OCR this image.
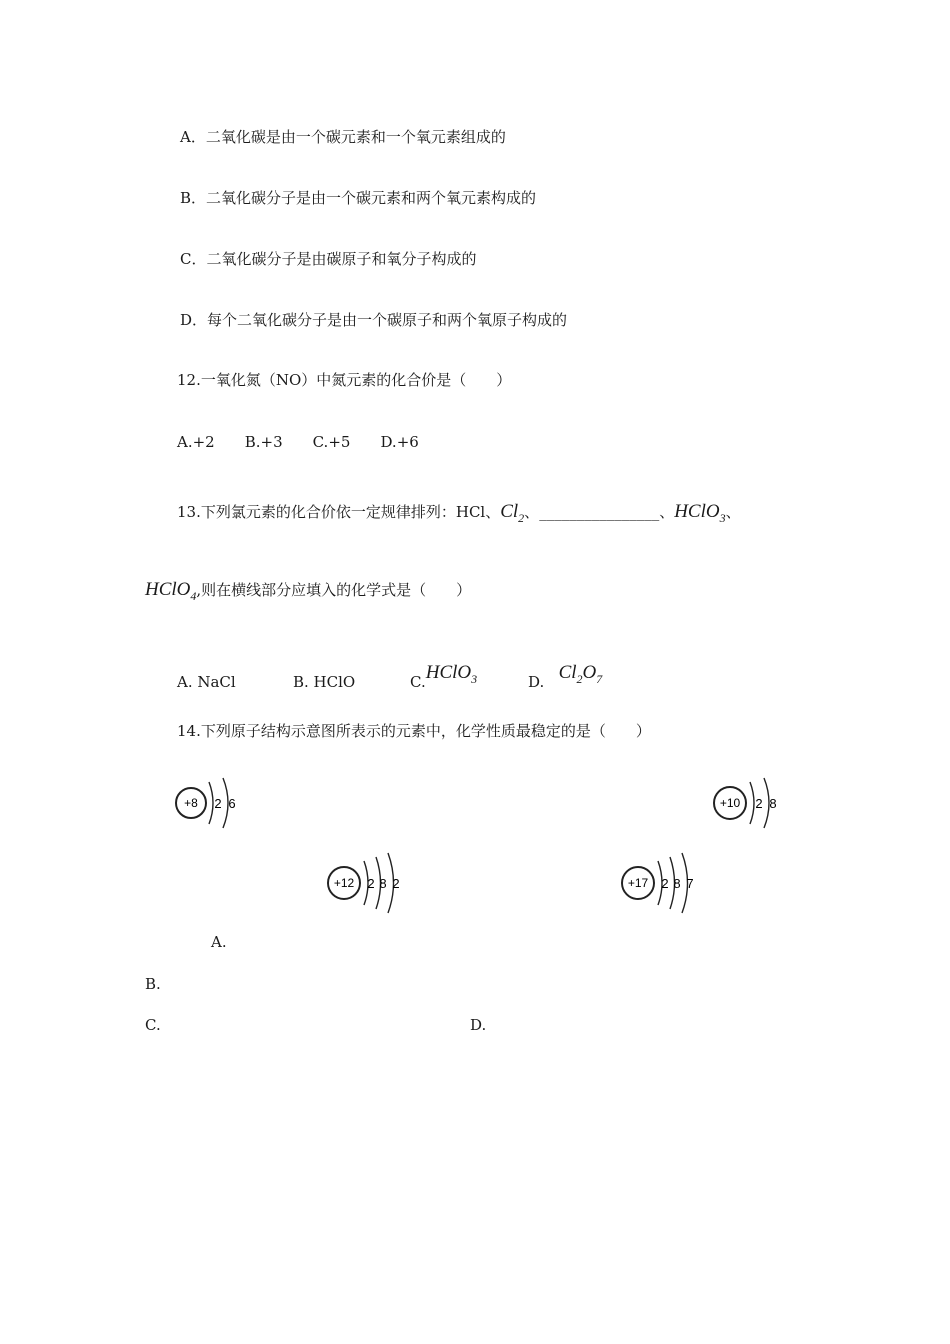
A．二氧化碳是由一个碳元素和一个氧元素组成的
B．二氧化碳分子是由一个碳元素和两个氧元素构成的
C．二氧化碳分子是由碳原子和氧分子构成的
D．每个二氧化碳分子是由一个碳原子和两个氧原子构成的
12.一氧化氮（NO）中氮元素的化合价是（　　）
A.+2　　B.+3　　C.+5　　D.+6
13.下列氯元素的化合价依一定规律排列：HCl、$Cl_2$、________________、HClO$_3$、
HClO$_4$,则在横线部分应填入的化学式是（　　）
A. NaCl	B. HClO	C.HClO$_3$	D. $Cl_2O_7$
14.下列原子结构示意图所表示的元素中，化学性质最稳定的是（　　）
+8 2 6	+10 2 8
+12 2 8 2	+17 2 8 7
A.
B.
C.	D.
